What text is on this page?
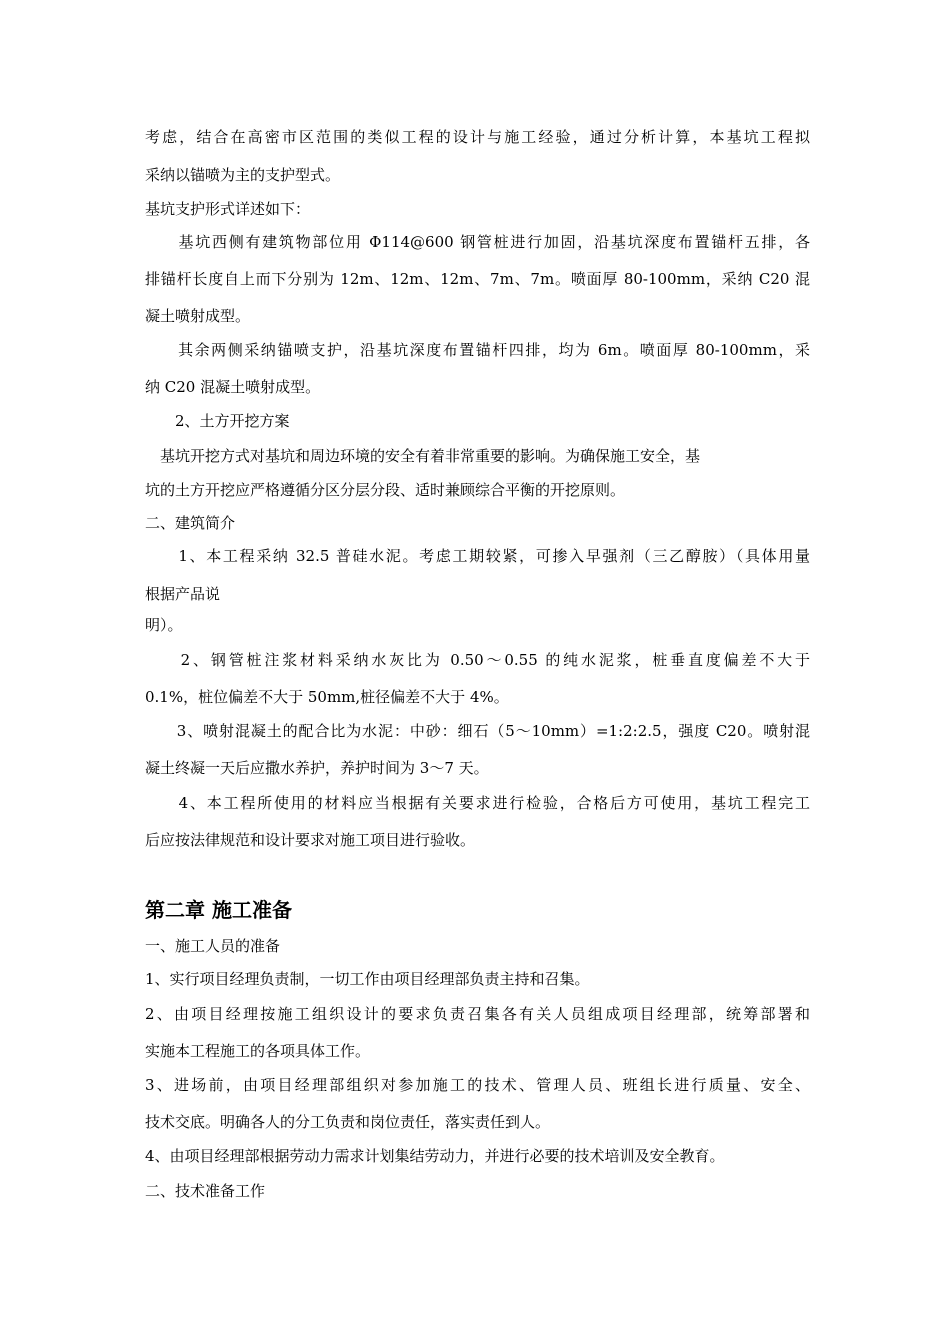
考虑，结合在高密市区范围的类似工程的设计与施工经验，通过分析计算，本基坑工程拟
采纳以锚喷为主的支护型式。
基坑支护形式详述如下：
　　基坑西侧有建筑物部位用 Φ114@600 钢管桩进行加固，沿基坑深度布置锚杆五排，各
排锚杆长度自上而下分别为 12m、12m、12m、7m、7m。喷面厚 80-100mm，采纳 C20 混
凝土喷射成型。
　　其余两侧采纳锚喷支护，沿基坑深度布置锚杆四排，均为 6m。喷面厚 80-100mm，采
纳 C20 混凝土喷射成型。
　　2、土方开挖方案
　基坑开挖方式对基坑和周边环境的安全有着非常重要的影响。为确保施工安全，基
坑的土方开挖应严格遵循分区分层分段、适时兼顾综合平衡的开挖原则。
二、建筑简介
　　1、本工程采纳 32.5 普硅水泥。考虑工期较紧，可掺入早强剂（三乙醇胺）（具体用量
根据产品说
明）。
　　2、钢管桩注浆材料采纳水灰比为 0.50～0.55 的纯水泥浆，桩垂直度偏差不大于
0.1%，桩位偏差不大于 50mm,桩径偏差不大于 4%。
　　3、喷射混凝土的配合比为水泥：中砂：细石（5～10mm）=1:2:2.5，强度 C20。喷射混
凝土终凝一天后应撒水养护，养护时间为 3～7 天。
　　4、本工程所使用的材料应当根据有关要求进行检验，合格后方可使用，基坑工程完工
后应按法律规范和设计要求对施工项目进行验收。
第二章 施工准备
一、施工人员的准备
1、实行项目经理负责制，一切工作由项目经理部负责主持和召集。
2、由项目经理按施工组织设计的要求负责召集各有关人员组成项目经理部，统筹部署和
实施本工程施工的各项具体工作。
3、进场前，由项目经理部组织对参加施工的技术、管理人员、班组长进行质量、安全、
技术交底。明确各人的分工负责和岗位责任，落实责任到人。
4、由项目经理部根据劳动力需求计划集结劳动力，并进行必要的技术培训及安全教育。
二、技术准备工作
